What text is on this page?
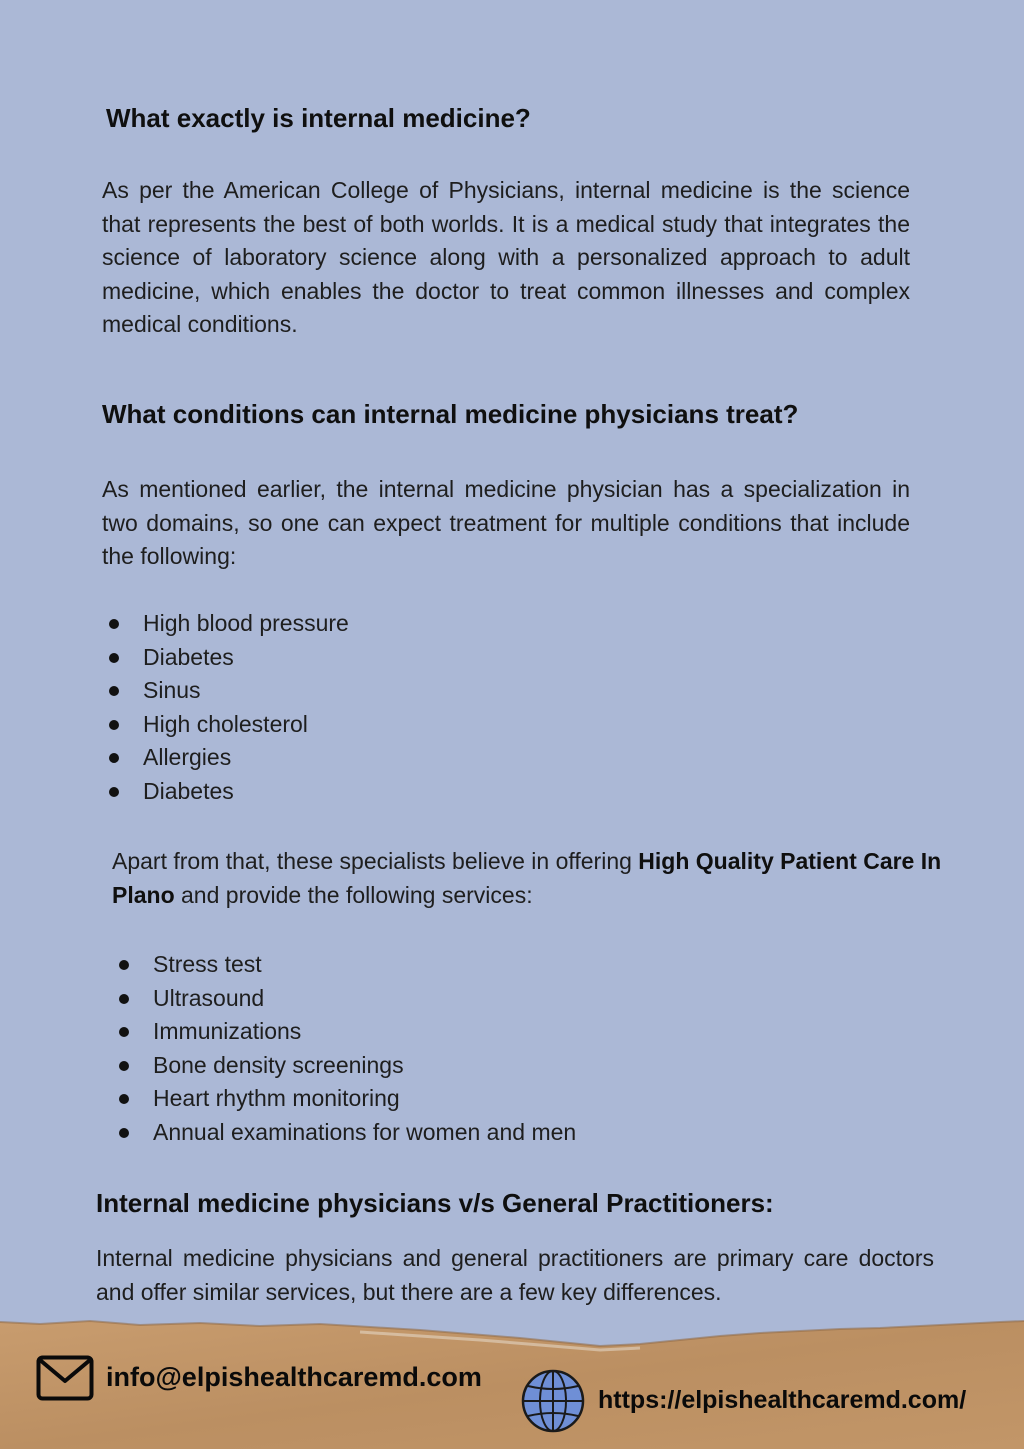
What exactly is internal medicine?

As per the American College of Physicians, internal medicine is the science that represents the best of both worlds. It is a medical study that integrates the science of laboratory science along with a personalized approach to adult medicine, which enables the doctor to treat common illnesses and complex medical conditions.

What conditions can internal medicine physicians treat?

As mentioned earlier, the internal medicine physician has a specialization in two domains, so one can expect treatment for multiple conditions that include the following:

High blood pressure
Diabetes
Sinus
High cholesterol
Allergies
Diabetes

Apart from that, these specialists believe in offering High Quality Patient Care In Plano and provide the following services:

Stress test
Ultrasound
Immunizations
Bone density screenings
Heart rhythm monitoring
Annual examinations for women and men
Internal medicine physicians v/s General Practitioners:

Internal medicine physicians and general practitioners are primary care doctors and offer similar services, but there are a few key differences.

info@elpishealthcaremd.com
https://elpishealthcaremd.com/
